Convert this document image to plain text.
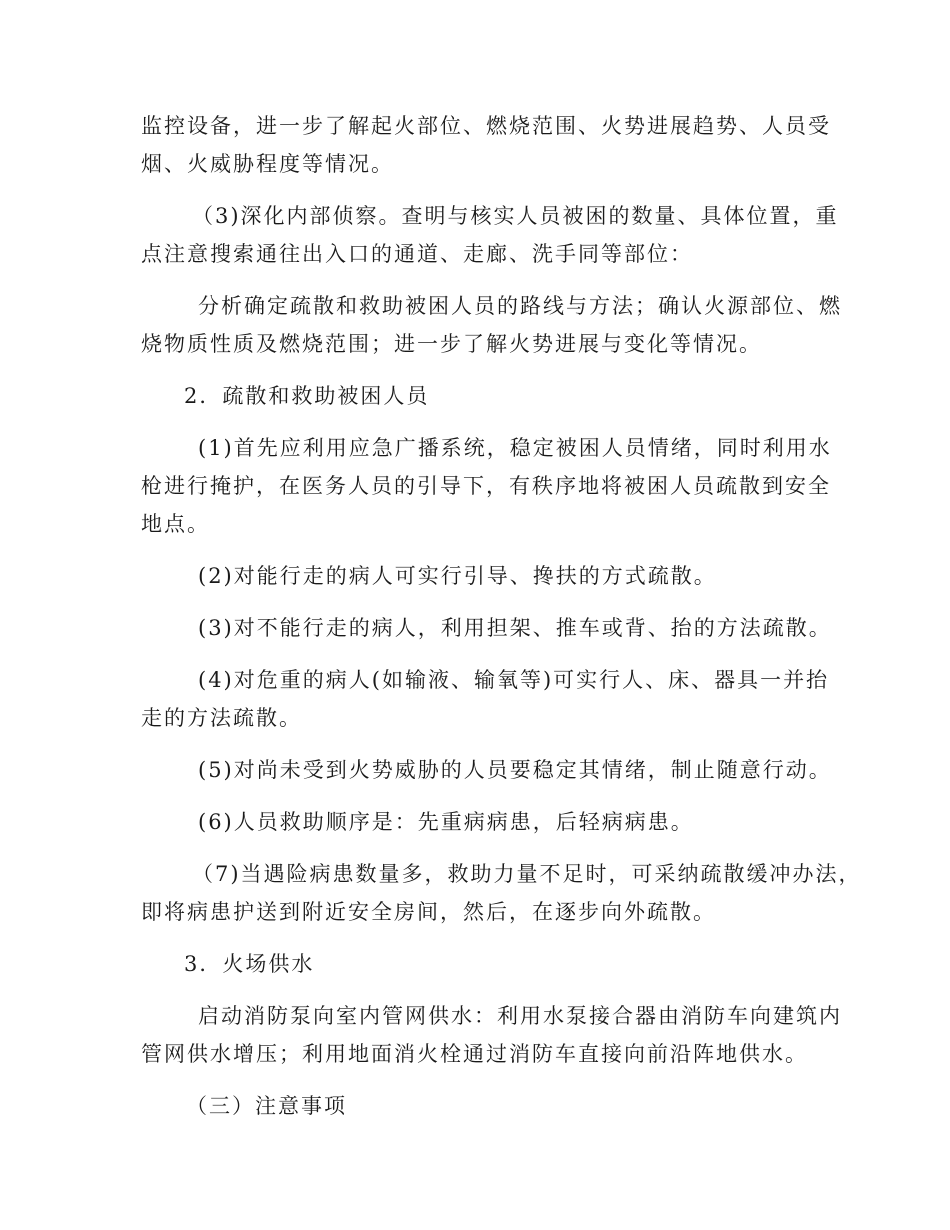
监控设备，进一步了解起火部位、燃烧范围、火势进展趋势、人员受
烟、火威胁程度等情况。
（3)深化内部侦察。查明与核实人员被困的数量、具体位置，重
点注意搜索通往出入口的通道、走廊、洗手同等部位：
分析确定疏散和救助被困人员的路线与方法；确认火源部位、燃
烧物质性质及燃烧范围；进一步了解火势进展与变化等情况。
2．疏散和救助被困人员
(1)首先应利用应急广播系统，稳定被困人员情绪，同时利用水
枪进行掩护，在医务人员的引导下，有秩序地将被困人员疏散到安全
地点。
(2)对能行走的病人可实行引导、搀扶的方式疏散。
(3)对不能行走的病人，利用担架、推车或背、抬的方法疏散。
(4)对危重的病人(如输液、输氧等)可实行人、床、器具一并抬
走的方法疏散。
(5)对尚未受到火势威胁的人员要稳定其情绪，制止随意行动。
(6)人员救助顺序是：先重病病患，后轻病病患。
（7)当遇险病患数量多，救助力量不足时，可采纳疏散缓冲办法，
即将病患护送到附近安全房间，然后，在逐步向外疏散。
3．火场供水
启动消防泵向室内管网供水：利用水泵接合器由消防车向建筑内
管网供水增压；利用地面消火栓通过消防车直接向前沿阵地供水。
（三）注意事项
